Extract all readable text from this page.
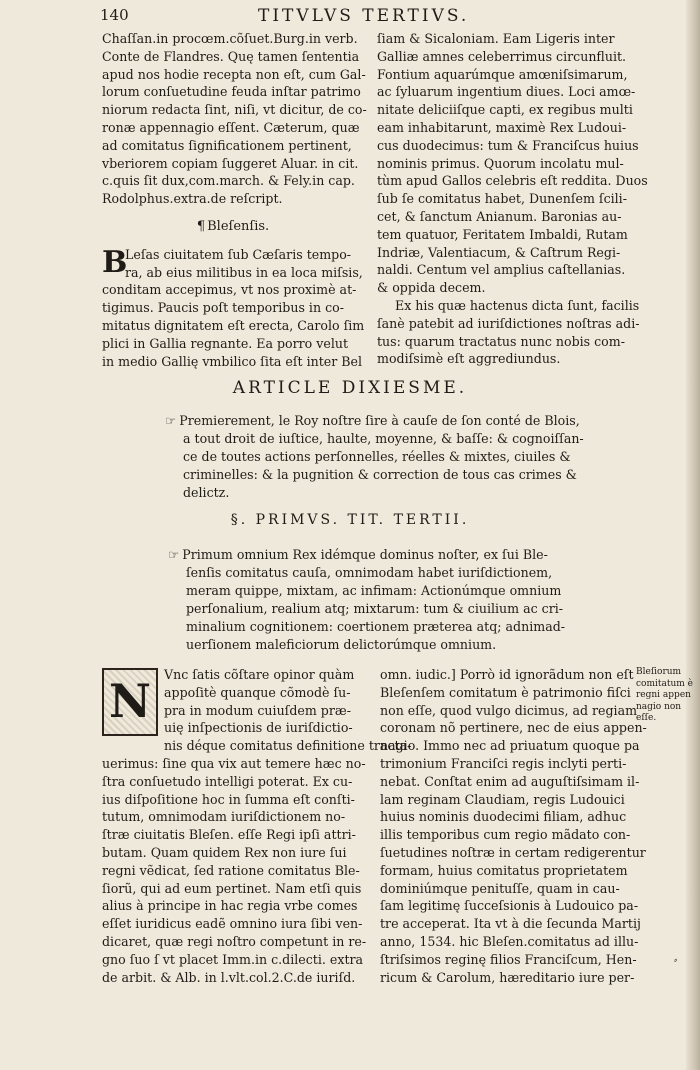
140	TITVLVS TERTIVS.
Chaſſan.in procœm.cõſuet.Burg.in verb.
Conte de Flandres. Quę tamen ſententia
apud nos hodie recepta non eſt, cum Gal-
lorum conſuetudine feuda inſtar patrimo
niorum redacta ſint, niſi, vt dicitur, de co-
ronæ appennagio eſſent. Cæterum, quæ
ad comitatus ſignificationem pertinent,
vberiorem copiam ſuggeret Aluar. in cit.
c.quis ſit dux,com.march. & Fely.in cap.
Rodolphus.extra.de reſcript.
¶ Bleſenſis.
B
Leſas ciuitatem ſub Cæſaris tempo-
ra, ab eius militibus in ea loca miſsis,
conditam accepimus, vt nos proximè at-
tigimus. Paucis poſt temporibus in co-
mitatus dignitatem eſt erecta, Carolo ſim
plici in Gallia regnante. Ea porro velut
in medio Gallię vmbilico ſita eſt inter Bel
ſiam & Sicaloniam. Eam Ligeris inter
Galliæ amnes celeberrimus circunfluit.
Fontium aquarúmque amœniſsimarum,
ac ſyluarum ingentium diues. Loci amœ-
nitate deliciiſque capti, ex regibus multi
eam inhabitarunt, maximè Rex Ludoui-
cus duodecimus: tum & Franciſcus huius
nominis primus. Quorum incolatu mul-
tùm apud Gallos celebris eſt reddita. Duos
ſub ſe comitatus habet, Dunenſem ſcili-
cet, & ſanctum Anianum. Baronias au-
tem quatuor, Feritatem Imbaldi, Rutam
Indriæ, Valentiacum, & Caſtrum Regi-
naldi. Centum vel amplius caſtellanias.
& oppida decem.
Ex his quæ hactenus dicta ſunt, facilis
ſanè patebit ad iuriſdictiones noſtras adi-
tus: quarum tractatus nunc nobis com-
modiſsimè eſt aggrediundus.
ARTICLE DIXIESME.
☞ Premierement, le Roy noſtre ſire à cauſe de ſon conté de Blois,
a tout droit de iuſtice, haulte, moyenne, & baſſe: & cognoiſſan-
ce de toutes actions perſonnelles, réelles & mixtes, ciuiles &
criminelles: & la pugnition & correction de tous cas crimes &
delictz.
§. PRIMVS. TIT. TERTII.
☞ Primum omnium Rex idémque dominus noſter, ex ſui Ble-
ſenſis comitatus cauſa, omnimodam habet iuriſdictionem,
meram quippe, mixtam, ac infimam: Actionúmque omnium
perſonalium, realium atq; mixtarum: tum & ciuilium ac cri-
minalium cognitionem: coertionem præterea atq; adnimad-
uerſionem maleficiorum delictorúmque omnium.
N	Vnc ſatis cõſtare opinor quàm
appoſitè quanque cõmodè ſu-
pra in modum cuiuſdem præ-
uię inſpectionis de iuriſdictio-
nis déque comitatus definitione tracta-
uerimus: ſine qua vix aut temere hæc no-
ſtra conſuetudo intelligi poterat. Ex cu-
ius diſpoſitione hoc in ſumma eſt conſti-
tutum, omnimodam iuriſdictionem no-
ſtræ ciuitatis Bleſen. eſſe Regi ipſi attri-
butam. Quam quidem Rex non iure ſui
regni vẽdicat, ſed ratione comitatus Ble-
ſiorũ, qui ad eum pertinet. Nam etſi quis
alius à principe in hac regia vrbe comes
eſſet iuridicus eadẽ omnino iura ſibi ven-
dicaret, quæ regi noſtro competunt in re-
gno ſuo ſ vt placet Imm.in c.dilecti. extra
de arbit. & Alb. in l.vlt.col.2.C.de iuriſd.
omn. iudic.] Porrò id ignorãdum non eſt
Bleſenſem comitatum è patrimonio fiſci
non eſſe, quod vulgo dicimus, ad regiam
coronam nõ pertinere, nec de eius appen-
nagio. Immo nec ad priuatum quoque pa
trimonium Franciſci regis inclyti perti-
nebat. Conſtat enim ad auguſtiſsimam il-
lam reginam Claudiam, regis Ludouici
huius nominis duodecimi filiam, adhuc
illis temporibus cum regio mãdato con-
ſuetudines noſtræ in certam redigerentur
formam, huius comitatus proprietatem
dominiúmque penituſſe, quam in cau-
ſam legitimę ſucceſsionis à Ludouico pa-
tre acceperat. Ita vt à die ſecunda Martij
anno, 1534. hic Bleſen.comitatus ad illu-
ſtriſsimos reginę filios Franciſcum, Hen-
ricum & Carolum, hæreditario iure per-
Bleſiorum
comitatum è
regni appen
nagio non
eſſe.
⸗
